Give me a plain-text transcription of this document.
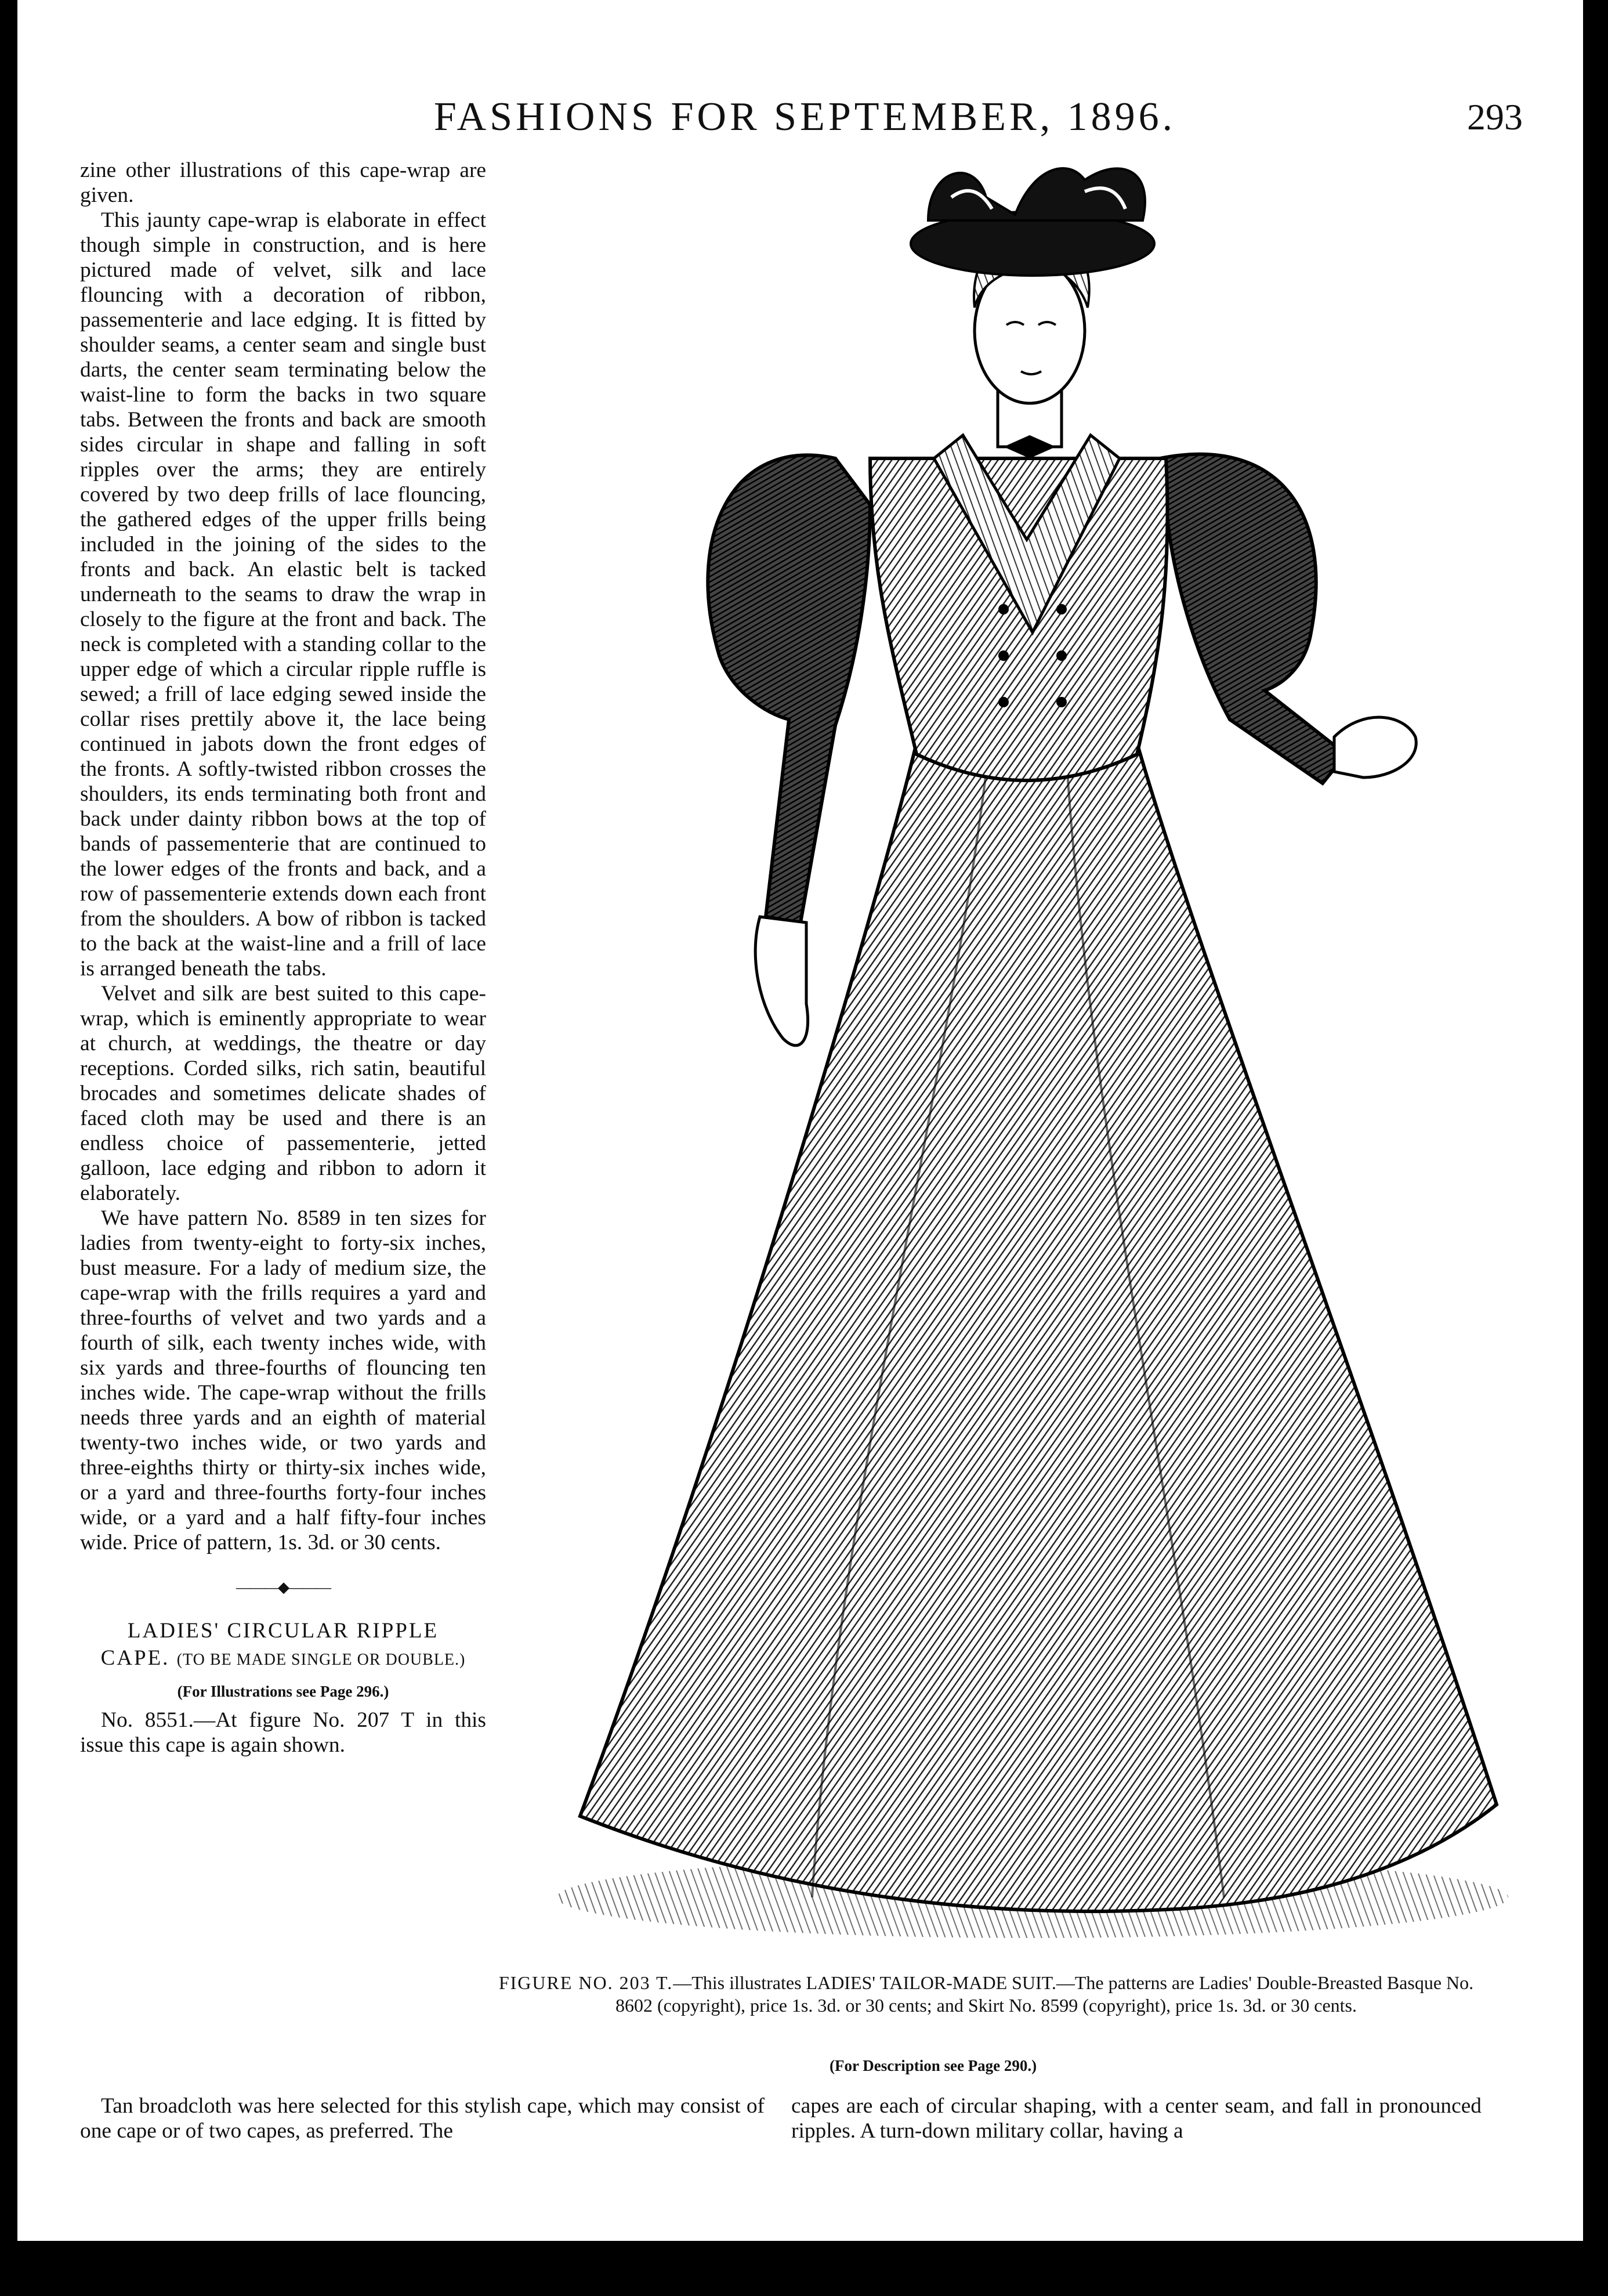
FASHIONS FOR SEPTEMBER, 1896.	293

zine other illustrations of this cape-wrap are given.

This jaunty cape-wrap is elaborate in effect though simple in construction, and is here pictured made of velvet, silk and lace flouncing with a decoration of ribbon, passementerie and lace edging. It is fitted by shoulder seams, a center seam and single bust darts, the center seam terminating below the waist-line to form the backs in two square tabs. Between the fronts and back are smooth sides circular in shape and falling in soft ripples over the arms; they are entirely covered by two deep frills of lace flouncing, the gathered edges of the upper frills being included in the joining of the sides to the fronts and back. An elastic belt is tacked underneath to the seams to draw the wrap in closely to the figure at the front and back. The neck is completed with a standing collar to the upper edge of which a circular ripple ruffle is sewed; a frill of lace edging sewed inside the collar rises prettily above it, the lace being continued in jabots down the front edges of the fronts. A softly-twisted ribbon crosses the shoulders, its ends terminating both front and back under dainty ribbon bows at the top of bands of passementerie that are continued to the lower edges of the fronts and back, and a row of passementerie extends down each front from the shoulders. A bow of ribbon is tacked to the back at the waist-line and a frill of lace is arranged beneath the tabs.

Velvet and silk are best suited to this cape-wrap, which is eminently appropriate to wear at church, at weddings, the theatre or day receptions. Corded silks, rich satin, beautiful brocades and sometimes delicate shades of faced cloth may be used and there is an endless choice of passementerie, jetted galloon, lace edging and ribbon to adorn it elaborately.

We have pattern No. 8589 in ten sizes for ladies from twenty-eight to forty-six inches, bust measure. For a lady of medium size, the cape-wrap with the frills requires a yard and three-fourths of velvet and two yards and a fourth of silk, each twenty inches wide, with six yards and three-fourths of flouncing ten inches wide. The cape-wrap without the frills needs three yards and an eighth of material twenty-two inches wide, or two yards and three-eighths thirty or thirty-six inches wide, or a yard and three-fourths forty-four inches wide, or a yard and a half fifty-four inches wide. Price of pattern, 1s. 3d. or 30 cents.

———◆———
LADIES' CIRCULAR RIPPLE
CAPE. (TO BE MADE SINGLE OR DOUBLE.)
(For Illustrations see Page 296.)

No. 8551.—At figure No. 207 T in this issue this cape is again shown.

FIGURE NO. 203 T.—This illustrates LADIES' TAILOR-MADE SUIT.—The patterns are Ladies' Double-Breasted Basque No. 8602 (copyright), price 1s. 3d. or 30 cents; and Skirt No. 8599 (copyright), price 1s. 3d. or 30 cents.
(For Description see Page 290.)
Tan broadcloth was here selected for this stylish cape, which may consist of one cape or of two capes, as preferred. The
capes are each of circular shaping, with a center seam, and fall in pronounced ripples. A turn-down military collar, having a
